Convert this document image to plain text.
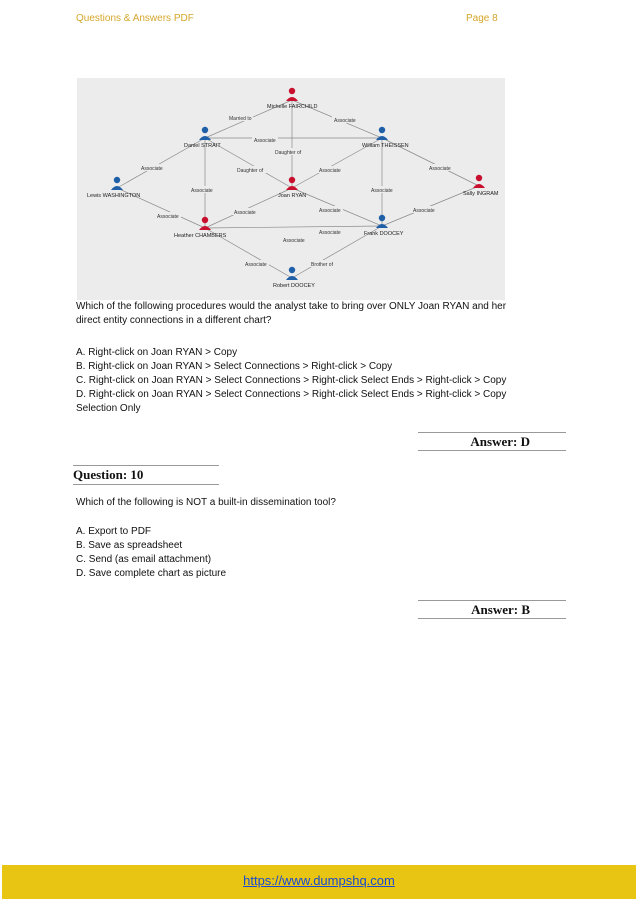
Questions & Answers PDF	Page 8
Married to	Associate
Associate
Daughter of
Associate	Daughter of	Associate	Associate
Associate	Associate
Associate
Associate	Associate	Associate
Associate
Associate
Associate	Brother of
Michelle FAIRCHILD
Daniel STRAIT	William THEISSEN
Lewis WASHINGTON	Joan RYAN	Sally INGRAM
Heather CHAMBERS	Frank DOOCEY
Robert DOOCEY
Which of the following procedures would the analyst take to bring over ONLY Joan RYAN and her
direct entity connections in a different chart?
A. Right-click on Joan RYAN > Copy
B. Right-click on Joan RYAN > Select Connections > Right-click > Copy
C. Right-click on Joan RYAN > Select Connections > Right-click Select Ends > Right-click > Copy
D. Right-click on Joan RYAN > Select Connections > Right-click Select Ends > Right-click > Copy
Selection Only
Answer: D
Question: 10
Which of the following is NOT a built-in dissemination tool?
A. Export to PDF
B. Save as spreadsheet
C. Send (as email attachment)
D. Save complete chart as picture
Answer: B
https://www.dumpshq.com
